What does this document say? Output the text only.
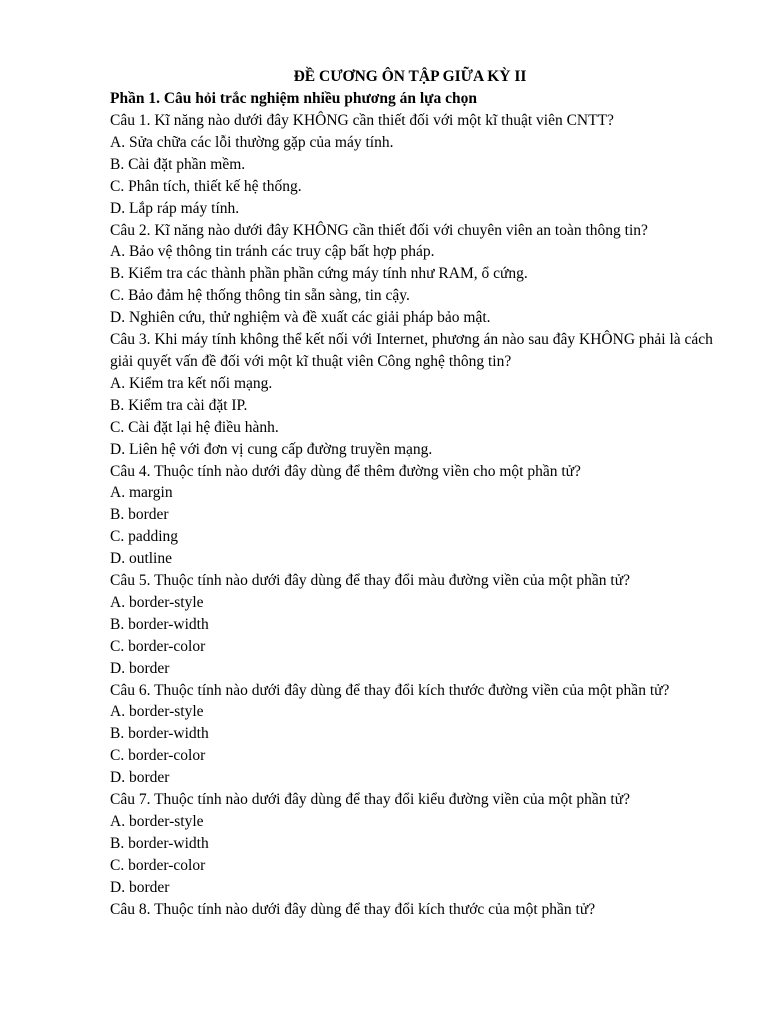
ĐỀ CƯƠNG ÔN TẬP GIỮA KỲ II

Phần 1. Câu hỏi trắc nghiệm nhiều phương án lựa chọn

Câu 1. Kĩ năng nào dưới đây KHÔNG cần thiết đối với một kĩ thuật viên CNTT?

A. Sửa chữa các lỗi thường gặp của máy tính.

B. Cài đặt phần mềm.

C. Phân tích, thiết kế hệ thống.

D. Lắp ráp máy tính.

Câu 2. Kĩ năng nào dưới đây KHÔNG cần thiết đối với chuyên viên an toàn thông tin?

A. Bảo vệ thông tin tránh các truy cập bất hợp pháp.

B. Kiểm tra các thành phần phần cứng máy tính như RAM, ổ cứng.

C. Bảo đảm hệ thống thông tin sẵn sàng, tin cậy.

D. Nghiên cứu, thử nghiệm và đề xuất các giải pháp bảo mật.

Câu 3. Khi máy tính không thể kết nối với Internet, phương án nào sau đây KHÔNG phải là cách giải quyết vấn đề đối với một kĩ thuật viên Công nghệ thông tin?

A. Kiểm tra kết nối mạng.

B. Kiểm tra cài đặt IP.

C. Cài đặt lại hệ điều hành.

D. Liên hệ với đơn vị cung cấp đường truyền mạng.

Câu 4. Thuộc tính nào dưới đây dùng để thêm đường viền cho một phần tử?

A. margin

B. border

C. padding

D. outline

Câu 5. Thuộc tính nào dưới đây dùng để thay đổi màu đường viền của một phần tử?

A. border-style

B. border-width

C. border-color

D. border

Câu 6. Thuộc tính nào dưới đây dùng để thay đổi kích thước đường viền của một phần tử?

A. border-style

B. border-width

C. border-color

D. border

Câu 7. Thuộc tính nào dưới đây dùng để thay đổi kiểu đường viền của một phần tử?

A. border-style

B. border-width

C. border-color

D. border

Câu 8. Thuộc tính nào dưới đây dùng để thay đổi kích thước của một phần tử?
